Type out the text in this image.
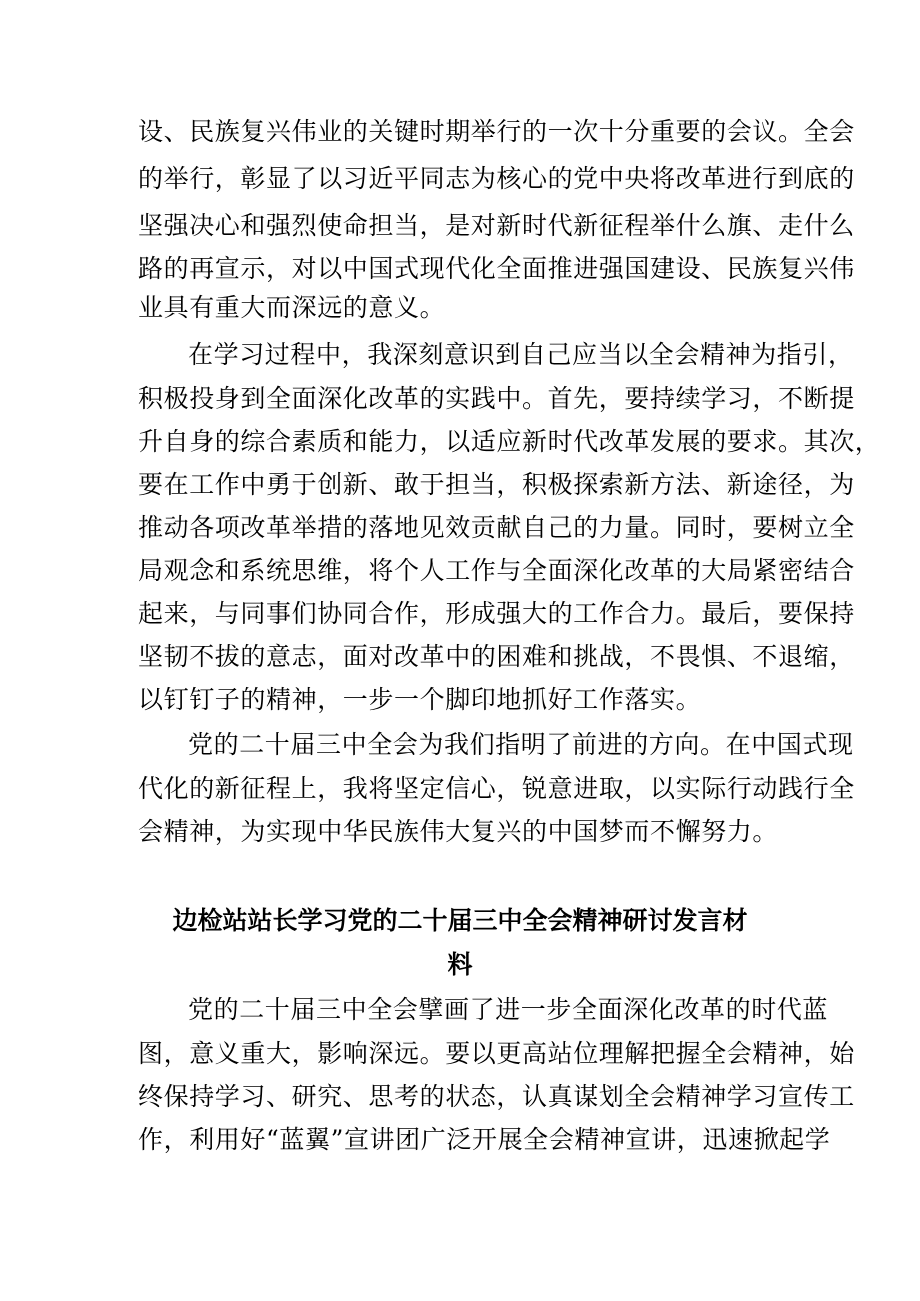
设、民族复兴伟业的关键时期举行的一次十分重要的会议。全会
的举行，彰显了以习近平同志为核心的党中央将改革进行到底的
坚强决心和强烈使命担当，是对新时代新征程举什么旗、走什么
路的再宣示，对以中国式现代化全面推进强国建设、民族复兴伟
业具有重大而深远的意义。
在学习过程中，我深刻意识到自己应当以全会精神为指引，
积极投身到全面深化改革的实践中。首先，要持续学习，不断提
升自身的综合素质和能力，以适应新时代改革发展的要求。其次，
要在工作中勇于创新、敢于担当，积极探索新方法、新途径，为
推动各项改革举措的落地见效贡献自己的力量。同时，要树立全
局观念和系统思维，将个人工作与全面深化改革的大局紧密结合
起来，与同事们协同合作，形成强大的工作合力。最后，要保持
坚韧不拔的意志，面对改革中的困难和挑战，不畏惧、不退缩，
以钉钉子的精神，一步一个脚印地抓好工作落实。
党的二十届三中全会为我们指明了前进的方向。在中国式现
代化的新征程上，我将坚定信心，锐意进取，以实际行动践行全
会精神，为实现中华民族伟大复兴的中国梦而不懈努力。
边检站站长学习党的二十届三中全会精神研讨发言材
料
党的二十届三中全会擘画了进一步全面深化改革的时代蓝
图，意义重大，影响深远。要以更高站位理解把握全会精神，始
终保持学习、研究、思考的状态，认真谋划全会精神学习宣传工
作，利用好“蓝翼”宣讲团广泛开展全会精神宣讲，迅速掀起学
